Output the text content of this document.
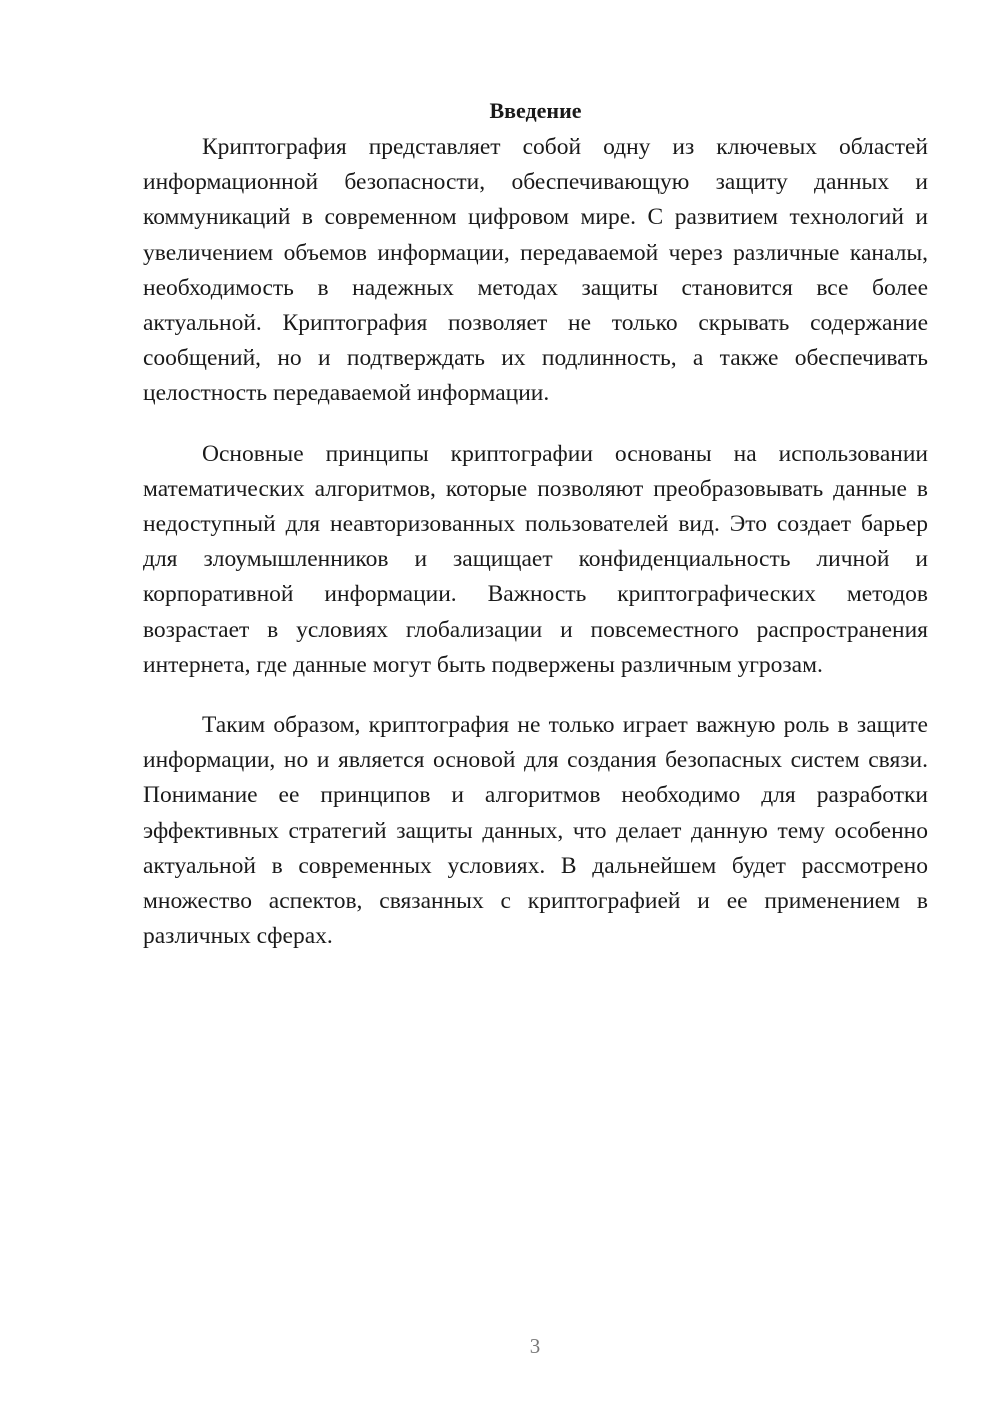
Введение

Криптография представляет собой одну из ключевых областей информационной безопасности, обеспечивающую защиту данных и коммуникаций в современном цифровом мире. С развитием технологий и увеличением объемов информации, передаваемой через различные каналы, необходимость в надежных методах защиты становится все более актуальной. Криптография позволяет не только скрывать содержание сообщений, но и подтверждать их подлинность, а также обеспечивать целостность передаваемой информации.

Основные принципы криптографии основаны на использовании математических алгоритмов, которые позволяют преобразовывать данные в недоступный для неавторизованных пользователей вид. Это создает барьер для злоумышленников и защищает конфиденциальность личной и корпоративной информации. Важность криптографических методов возрастает в условиях глобализации и повсеместного распространения интернета, где данные могут быть подвержены различным угрозам.

Таким образом, криптография не только играет важную роль в защите информации, но и является основой для создания безопасных систем связи. Понимание ее принципов и алгоритмов необходимо для разработки эффективных стратегий защиты данных, что делает данную тему особенно актуальной в современных условиях. В дальнейшем будет рассмотрено множество аспектов, связанных с криптографией и ее применением в различных сферах.

3
